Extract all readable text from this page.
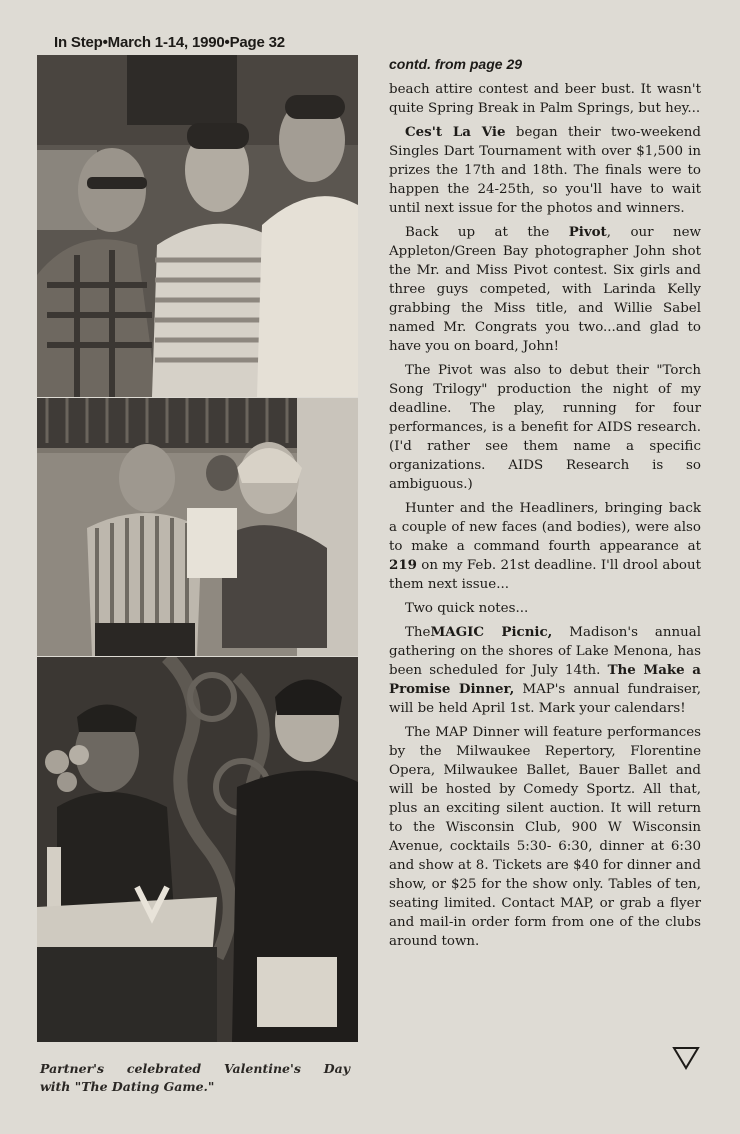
In Step•March 1-14, 1990•Page 32
Partner's celebrated Valentine's Day
with "The Dating Game."
contd. from page 29

beach attire contest and beer bust. It wasn't quite Spring Break in Palm Springs, but hey...

Ces't La Vie began their two-weekend Singles Dart Tournament with over $1,500 in prizes the 17th and 18th. The finals were to happen the 24-25th, so you'll have to wait until next issue for the photos and winners.

Back up at the Pivot, our new Appleton/Green Bay photographer John shot the Mr. and Miss Pivot contest. Six girls and three guys competed, with Larinda Kelly grabbing the Miss title, and Willie Sabel named Mr. Congrats you two...and glad to have you on board, John!

The Pivot was also to debut their "Torch Song Trilogy" production the night of my deadline. The play, running for four performances, is a benefit for AIDS research.(I'd rather see them name a specific organizations. AIDS Research is so ambiguous.)

Hunter and the Headliners, bringing back a couple of new faces (and bodies), were also to make a command fourth appearance at 219 on my Feb. 21st deadline. I'll drool about them next issue...

Two quick notes...

TheMAGIC Picnic, Madison's annual gathering on the shores of Lake Menona, has been scheduled for July 14th. The Make a Promise Dinner, MAP's annual fundraiser, will be held April 1st. Mark your calendars!

The MAP Dinner will feature performances by the Milwaukee Repertory, Florentine Opera, Milwaukee Ballet, Bauer Ballet and will be hosted by Comedy Sportz. All that, plus an exciting silent auction. It will return to the Wisconsin Club, 900 W Wisconsin Avenue, cocktails 5:30- 6:30, dinner at 6:30 and show at 8. Tickets are $40 for dinner and show, or $25 for the show only. Tables of ten, seating limited. Contact MAP, or grab a flyer and mail-in order form from one of the clubs around town.
